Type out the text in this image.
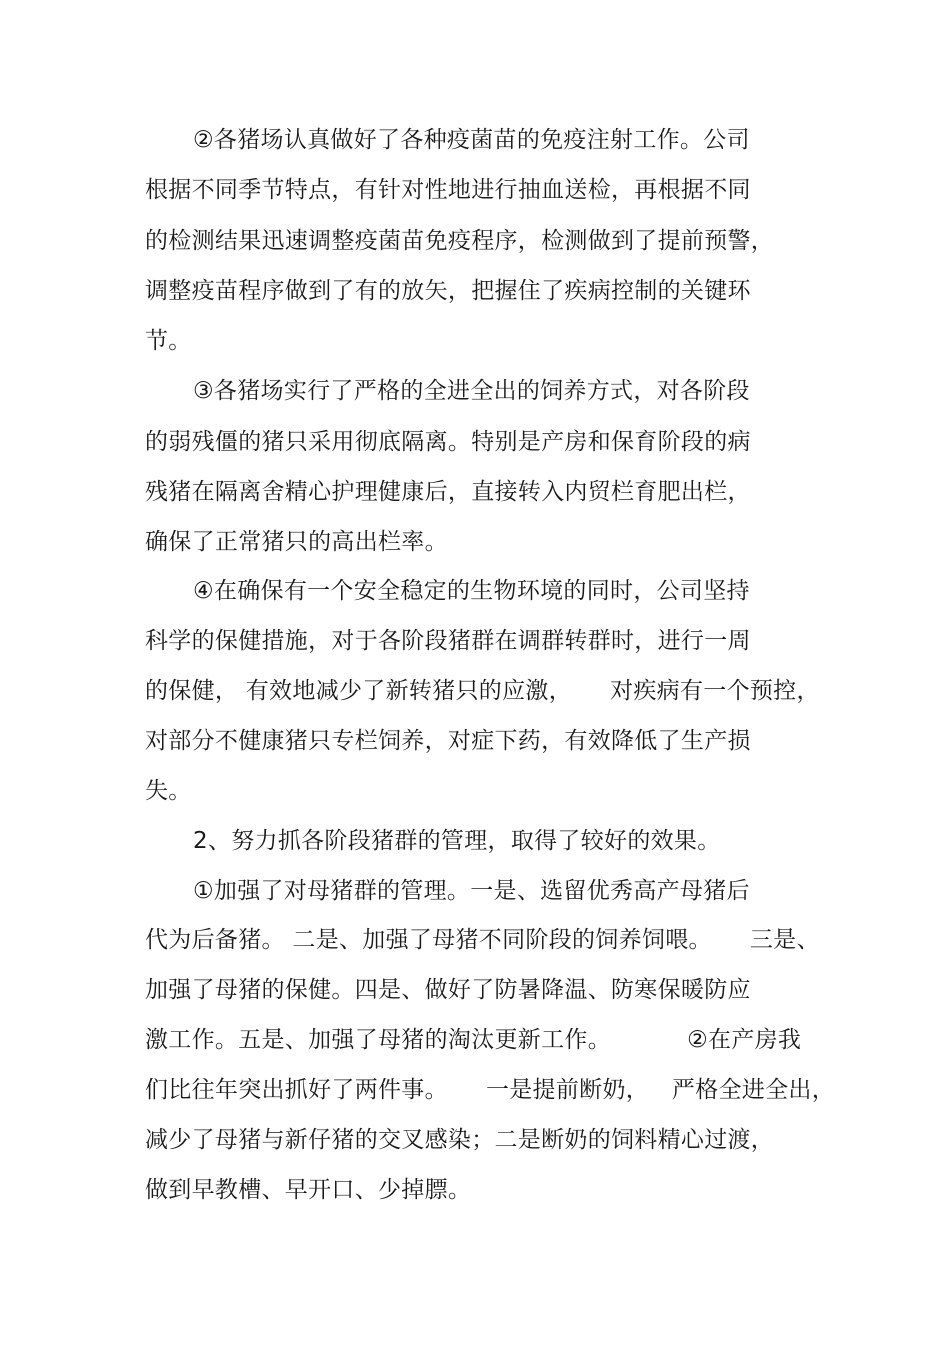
②各猪场认真做好了各种疫菌苗的免疫注射工作。公司
根据不同季节特点，有针对性地进行抽血送检，再根据不同
的检测结果迅速调整疫菌苗免疫程序，检测做到了提前预警，
调整疫苗程序做到了有的放矢，把握住了疾病控制的关键环
节。
③各猪场实行了严格的全进全出的饲养方式，对各阶段
的弱残僵的猪只采用彻底隔离。特别是产房和保育阶段的病
残猪在隔离舍精心护理健康后，直接转入内贸栏育肥出栏，
确保了正常猪只的高出栏率。
④在确保有一个安全稳定的生物环境的同时，公司坚持
科学的保健措施，对于各阶段猪群在调群转群时，进行一周
的保健， 有效地减少了新转猪只的应激，     对疾病有一个预控，
对部分不健康猪只专栏饲养，对症下药，有效降低了生产损
失。
2、努力抓各阶段猪群的管理，取得了较好的效果。
①加强了对母猪群的管理。一是、选留优秀高产母猪后
代为后备猪。 二是、加强了母猪不同阶段的饲养饲喂。     三是、
加强了母猪的保健。四是、做好了防暑降温、防寒保暖防应
激工作。五是、加强了母猪的淘汰更新工作。          ②在产房我
们比往年突出抓好了两件事。     一是提前断奶，   严格全进全出，
减少了母猪与新仔猪的交叉感染；二是断奶的饲料精心过渡，
做到早教槽、早开口、少掉膘。
